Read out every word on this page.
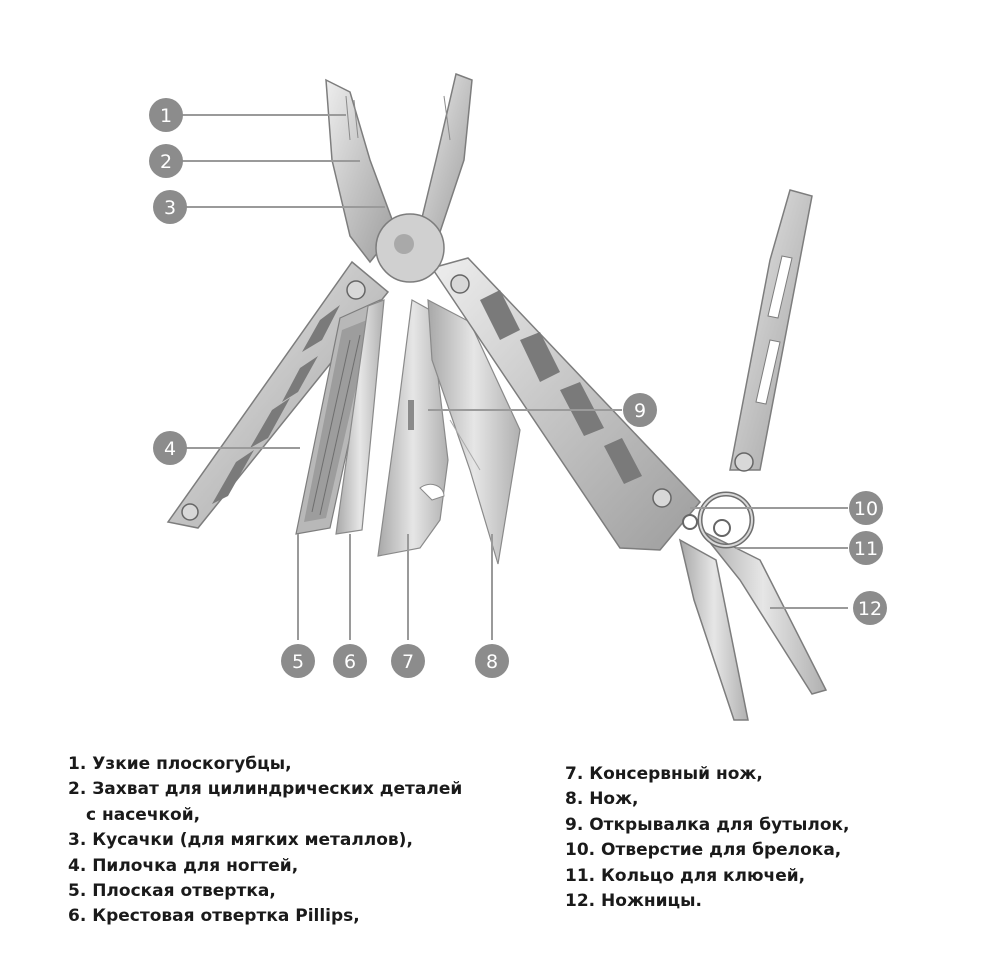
1
2
3
4
5 6 7	8
9
10
11
12
1. Узкие плоскогубцы,
2. Захват для цилиндрических деталей
с насечкой,
3. Кусачки (для мягких металлов),
4. Пилочка для ногтей,
5. Плоская отвертка,
6. Крестовая отвертка Pillips,
7. Консервный нож,
8. Нож,
9. Открывалка для бутылок,
10. Отверстие для брелока,
11. Кольцо для ключей,
12. Ножницы.
